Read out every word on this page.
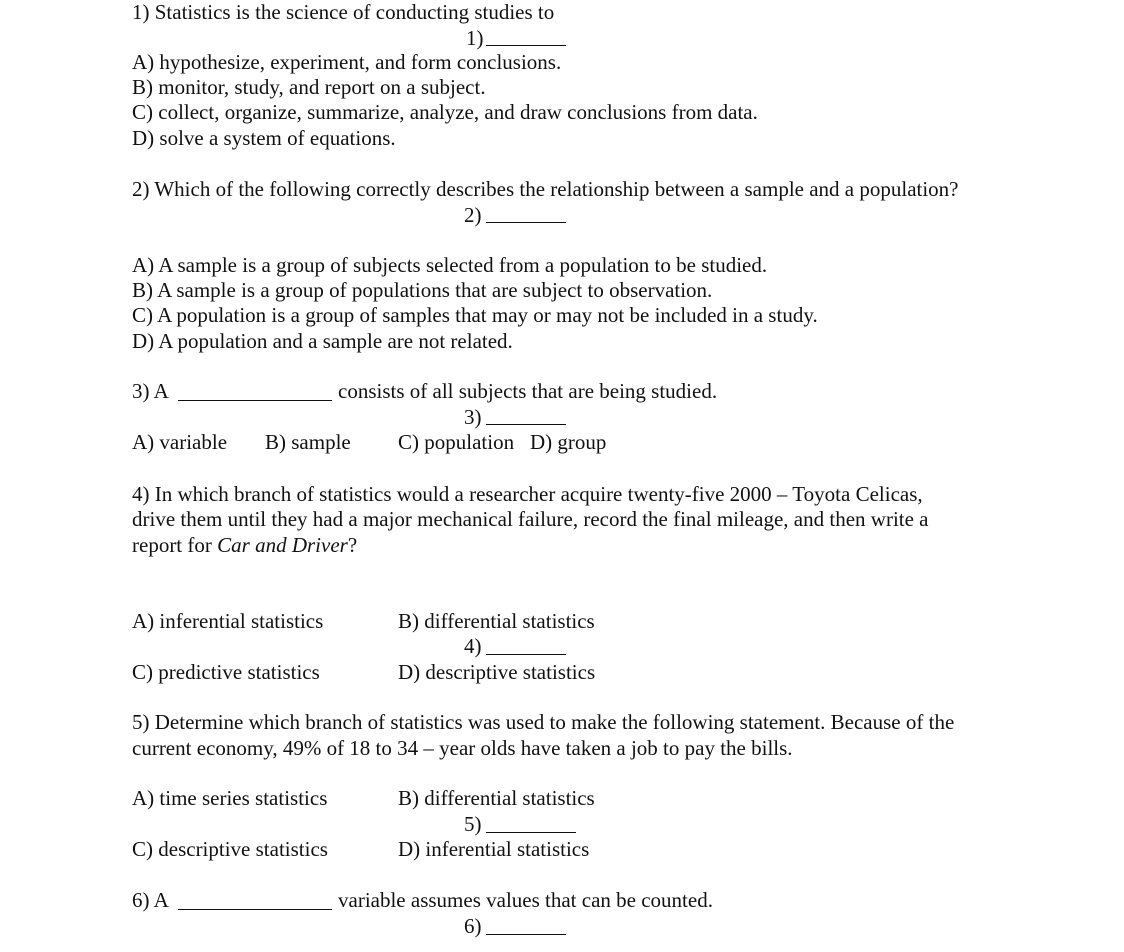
1) Statistics is the science of conducting studies to
1)
A) hypothesize, experiment, and form conclusions.
B) monitor, study, and report on a subject.
C) collect, organize, summarize, analyze, and draw conclusions from data.
D) solve a system of equations.
2) Which of the following correctly describes the relationship between a sample and a population?
2)
A) A sample is a group of subjects selected from a population to be studied.
B) A sample is a group of populations that are subject to observation.
C) A population is a group of samples that may or may not be included in a study.
D) A population and a sample are not related.
3) A	consists of all subjects that are being studied.
3)
A) variable B) sample C) population D) group
4) In which branch of statistics would a researcher acquire twenty-five 2000 – Toyota Celicas,
drive them until they had a major mechanical failure, record the final mileage, and then write a
report for Car and Driver?
A) inferential statistics	B) differential statistics
4)
C) predictive statistics	D) descriptive statistics
5) Determine which branch of statistics was used to make the following statement. Because of the
current economy, 49% of 18 to 34 – year olds have taken a job to pay the bills.
A) time series statistics	B) differential statistics
5)
C) descriptive statistics	D) inferential statistics
6) A	variable assumes values that can be counted.
6)
